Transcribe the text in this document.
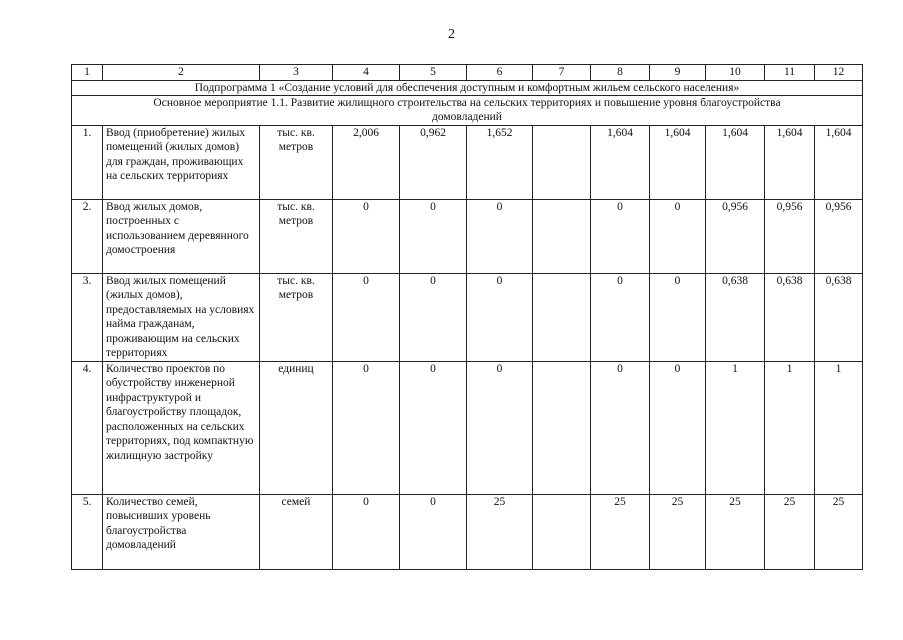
2
1	2	3	4	5	6	7	8	9	10	11	12
Подпрограмма 1 «Создание условий для обеспечения доступным и комфортным жильем сельского населения»											
Основное мероприятие 1.1. Развитие жилищного строительства на сельских территориях и повышение уровня благоустройства домовладений											
1.	Ввод (приобретение) жилых помещений (жилых домов) для граждан, проживающих на сельских территориях	тыс. кв. метров	2,006	0,962	1,652		1,604	1,604	1,604	1,604	1,604
2.	Ввод жилых домов, построенных с использованием деревянного домостроения	тыс. кв. метров	0	0	0		0	0	0,956	0,956	0,956
3.	Ввод жилых помещений (жилых домов), предоставляемых на условиях найма гражданам, проживающим на сельских территориях	тыс. кв. метров	0	0	0		0	0	0,638	0,638	0,638
4.	Количество проектов по обустройству инженерной инфраструктурой и благоустройству площадок, расположенных на сельских территориях, под компактную жилищную застройку	единиц	0	0	0		0	0	1	1	1
5.	Количество семей, повысивших уровень благоустройства домовладений	семей	0	0	25		25	25	25	25	25
